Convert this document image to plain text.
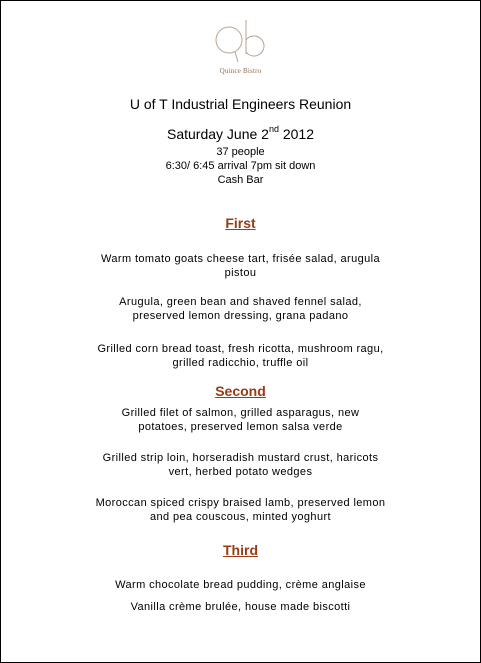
Quince Bistro
U of T Industrial Engineers Reunion
Saturday June 2nd 2012
37 people
6:30/ 6:45 arrival 7pm sit down
Cash Bar
First
Warm tomato goats cheese tart, frisée salad, arugula
pistou
Arugula, green bean and shaved fennel salad,
preserved lemon dressing, grana padano
Grilled corn bread toast, fresh ricotta, mushroom ragu,
grilled radicchio, truffle oil
Second
Grilled filet of salmon, grilled asparagus, new
potatoes, preserved lemon salsa verde
Grilled strip loin, horseradish mustard crust, haricots
vert, herbed potato wedges
Moroccan spiced crispy braised lamb, preserved lemon
and pea couscous, minted yoghurt
Third
Warm chocolate bread pudding, crème anglaise
Vanilla crème brulée, house made biscotti
